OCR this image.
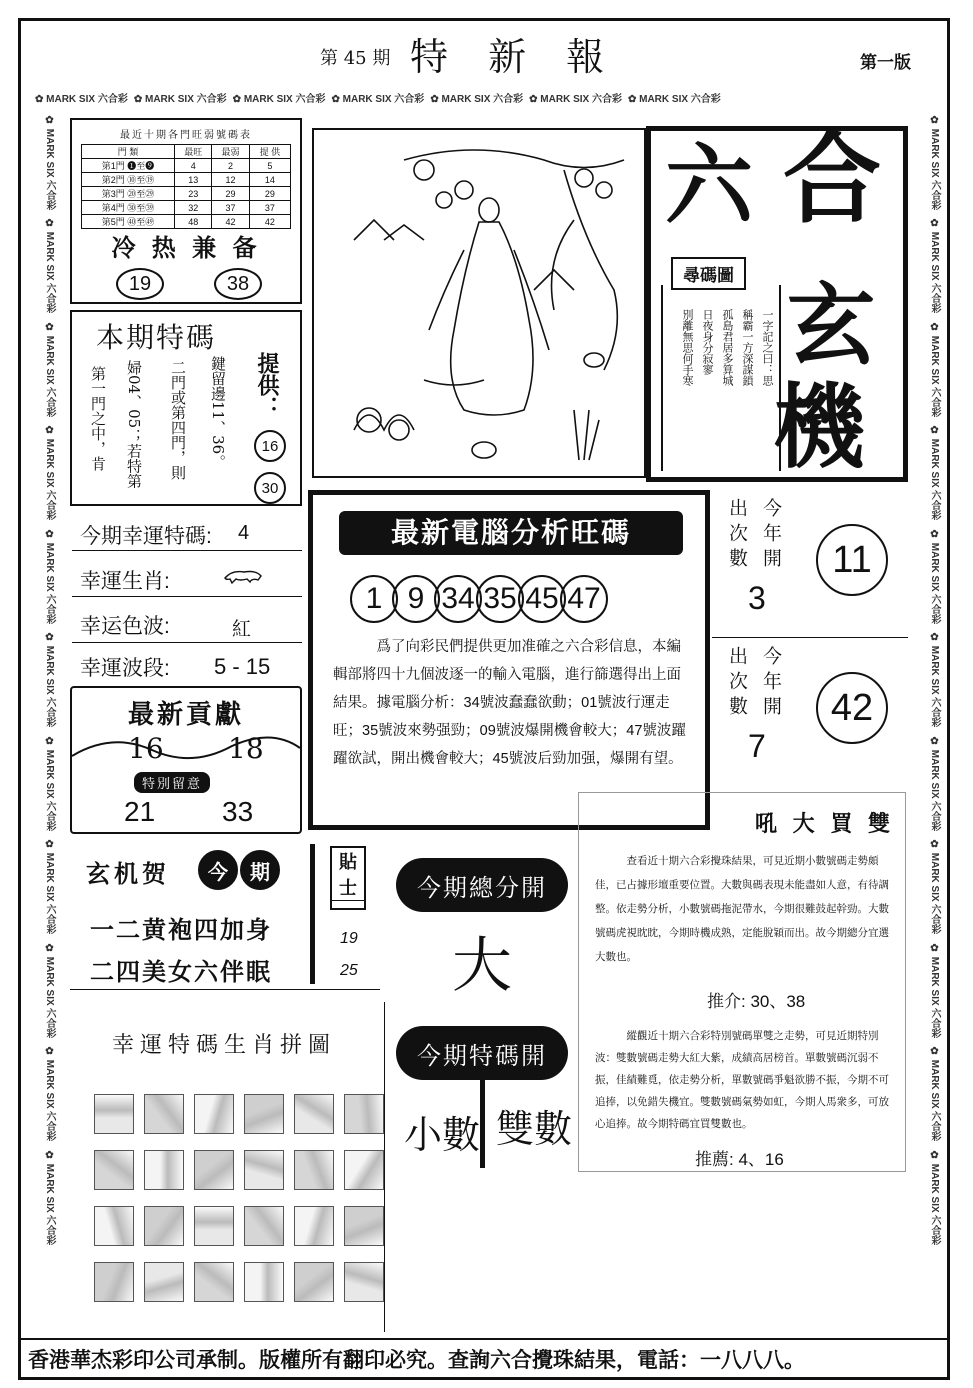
第 45 期 特 新 報	第一版
✿ MARK SIX 六合彩 ✿ MARK SIX 六合彩 ✿ MARK SIX 六合彩 ✿ MARK SIX 六合彩 ✿ MARK SIX 六合彩 ✿ MARK SIX 六合彩 ✿ MARK SIX 六合彩
✿ MARK SIX 六合彩✿ MARK SIX 六合彩✿ MARK SIX 六合彩✿ MARK SIX 六合彩✿ MARK SIX 六合彩✿ MARK SIX 六合彩✿ MARK SIX 六合彩✿ MARK SIX 六合彩✿ MARK SIX 六合彩✿ MARK SIX 六合彩✿ MARK SIX 六合彩
✿ MARK SIX 六合彩✿ MARK SIX 六合彩✿ MARK SIX 六合彩✿ MARK SIX 六合彩✿ MARK SIX 六合彩✿ MARK SIX 六合彩✿ MARK SIX 六合彩✿ MARK SIX 六合彩✿ MARK SIX 六合彩✿ MARK SIX 六合彩✿ MARK SIX 六合彩
最近十期各門旺弱號碼表
門 類	最旺	最弱	提 供
第1門 ❶至❾	4	2	5
第2門 ⑩至⑲	13	12	14
第3門 ⑳至㉙	23	29	29
第4門 ㉚至㊴	32	37	37
第5門 ㊵至㊾	48	42	42
冷 热 兼 备
19	38
本期特碼
第一門之中，肯 婦04、05；若特第 二門或第四門，則 鍵留邊11、36。 提供：
16
30
今期幸運特碼: 4
幸運生肖:
幸运色波:	紅
幸運波段: 5 - 15
最新貢獻
16 18
特別留意
21 33
玄机贺	今	期
一二黄袍四加身
二四美女六伴眠
貼
士
19
25
幸運特碼生肖拼圖
六 合
玄
機
尋碼圖
一字記之曰：思
稱霸一方深謀鎖
孤島君居多算城
日夜身分寂寥
別離無思何手寒
最新電腦分析旺碼
1 9 34 35 45 47
爲了向彩民們提供更加准確之六合彩信息，本編輯部將四十九個波逐一的輸入電腦，進行篩選得出上面結果。據電腦分析：34號波蠢蠢欲動；01號波行運走旺；35號波來勢强勁；09號波爆開機會較大；47號波躍躍欲試，開出機會較大；45號波后勁加强，爆開有望。
出次數 今年開
3
11
出次數 今年開
7
42
今期總分開
大
今期特碼開
小數 雙數
吼 大 買 雙
查看近十期六合彩攪珠結果，可見近期小數號碼走勢頗佳，已占據形壇重要位置。大數與碼表現未能盡如人意，有待調整。依走勢分析，小數號碼拖泥帶水，今期很難鼓起幹勁。大數號碼虎視眈眈，今期時機成熟，定能脫穎而出。故今期總分宜選大數也。
推介: 30、38
縱觀近十期六合彩特別號碼單雙之走勢，可見近期特別波：雙數號碼走勢大紅大紫，成績高居榜首。單數號碼沉弱不振，佳績難覓，依走勢分析，單數號碼爭魁欲勝不振，今期不可追捧，以免錯失機宜。雙數號碼氣勢如虹，今期人馬衆多，可放心追捧。故今期特碼宜買雙數也。
推薦: 4、16
香港華杰彩印公司承制。版權所有翻印必究。查詢六合攪珠結果，電話：一八八八。
